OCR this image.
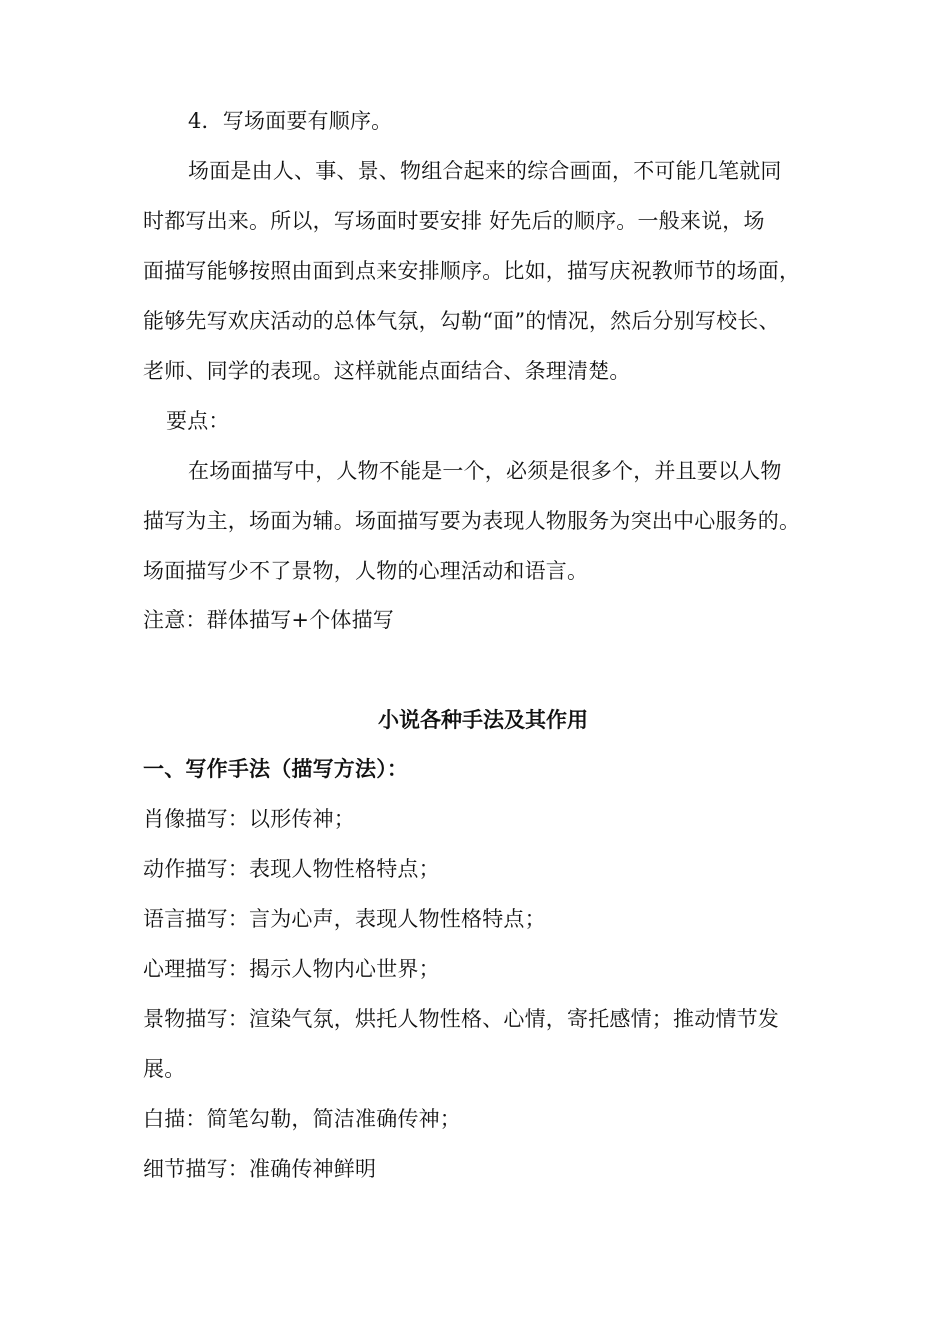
4．写场面要有顺序。
场面是由人、事、景、物组合起来的综合画面，不可能几笔就同
时都写出来。所以，写场面时要安排 好先后的顺序。一般来说，场
面描写能够按照由面到点来安排顺序。比如，描写庆祝教师节的场面，
能够先写欢庆活动的总体气氛，勾勒“面”的情况，然后分别写校长、
老师、同学的表现。这样就能点面结合、条理清楚。
要点：
在场面描写中，人物不能是一个，必须是很多个，并且要以人物
描写为主，场面为辅。场面描写要为表现人物服务为突出中心服务的。
场面描写少不了景物，人物的心理活动和语言。
注意：群体描写+个体描写
小说各种手法及其作用
一、写作手法（描写方法）：
肖像描写：以形传神；
动作描写：表现人物性格特点；
语言描写：言为心声，表现人物性格特点；
心理描写：揭示人物内心世界；
景物描写：渲染气氛，烘托人物性格、心情，寄托感情；推动情节发
展。
白描：简笔勾勒，简洁准确传神；
细节描写：准确传神鲜明
